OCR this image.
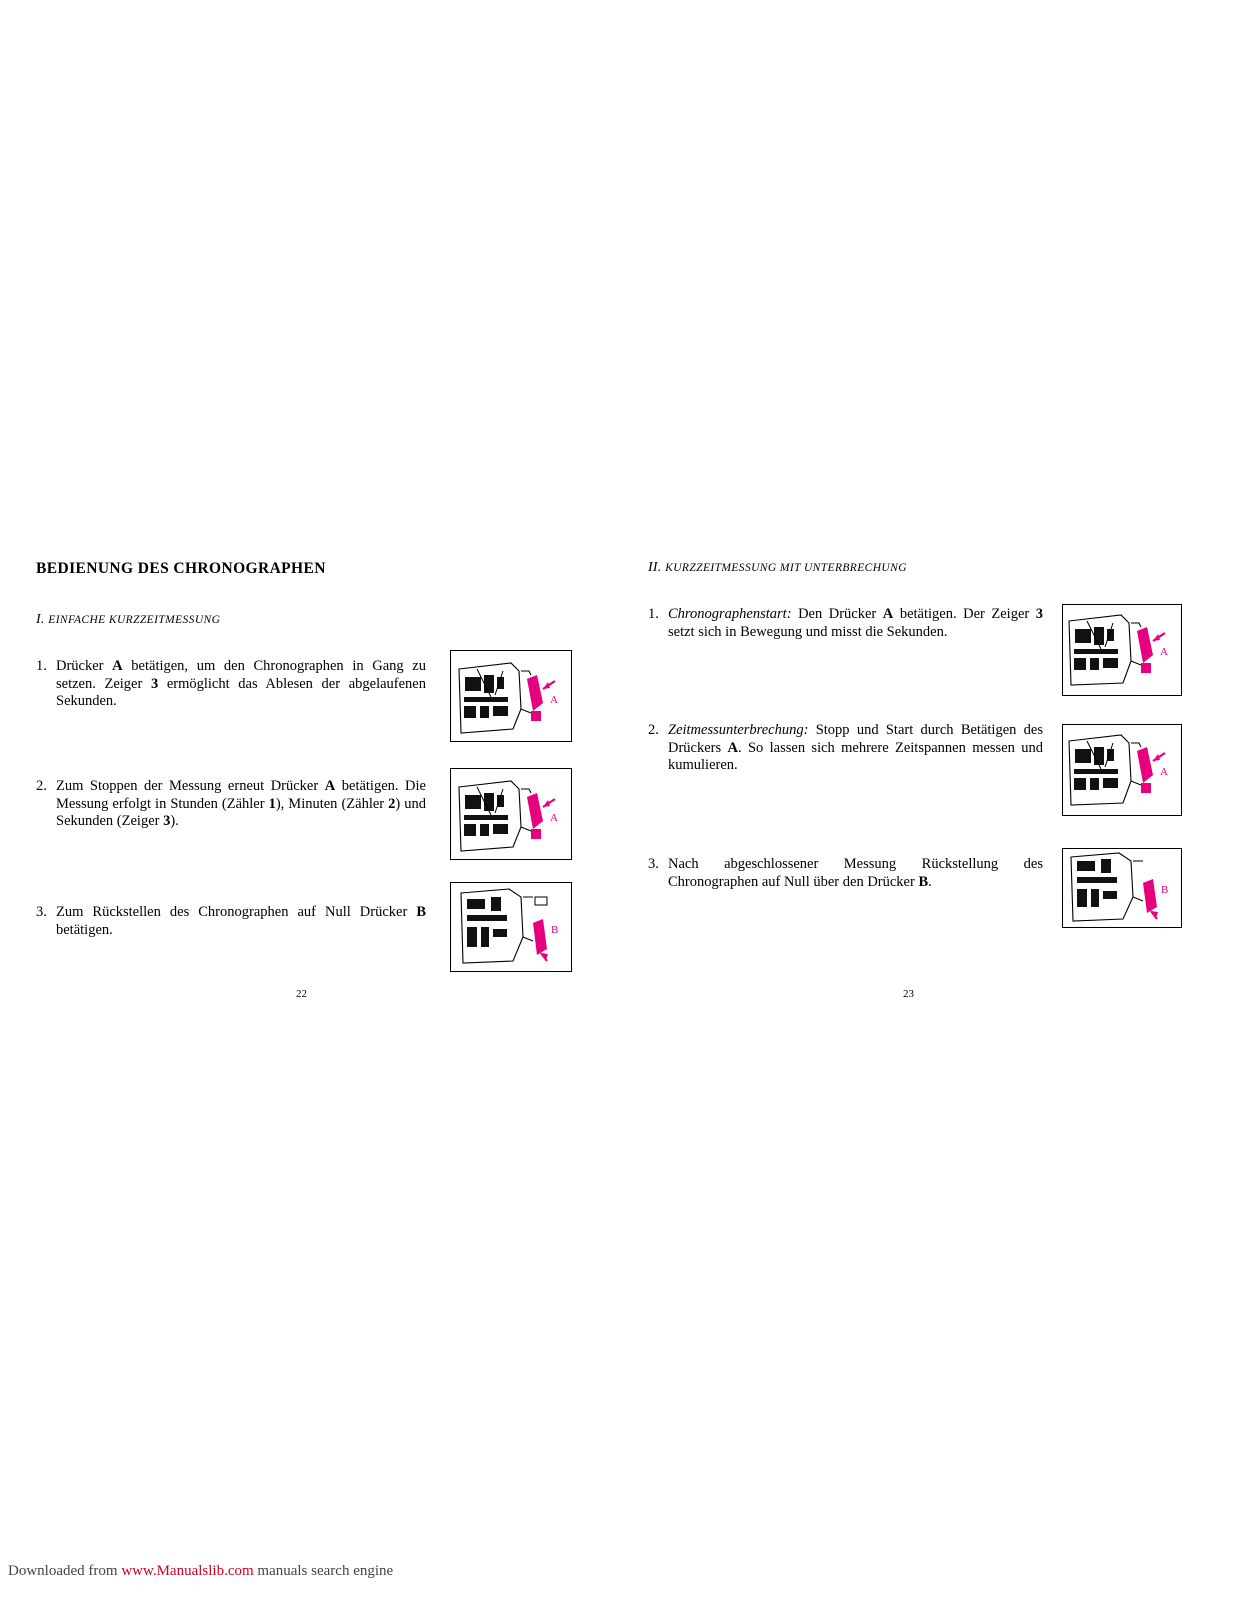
BEDIENUNG DES CHRONOGRAPHEN
I. EINFACHE KURZZEITMESSUNG
1. Drücker A betätigen, um den Chronographen in Gang zu setzen. Zeiger 3 ermöglicht das Ablesen der abgelaufenen Sekunden.
2. Zum Stoppen der Messung erneut Drücker A betätigen. Die Messung erfolgt in Stunden (Zähler 1), Minuten (Zähler 2) und Sekunden (Zeiger 3).
3. Zum Rückstellen des Chronographen auf Null Drücker B betätigen.
A
A
B
22
II. KURZZEITMESSUNG MIT UNTERBRECHUNG
1. Chronographenstart: Den Drücker A betätigen. Der Zeiger 3 setzt sich in Bewegung und misst die Sekunden.
2. Zeitmessunterbrechung: Stopp und Start durch Betätigen des Drückers A. So lassen sich mehrere Zeitspannen messen und kumulieren.
3. Nach abgeschlossener Messung Rückstellung des Chronographen auf Null über den Drücker B.
A
A
B
23
Downloaded from www.Manualslib.com manuals search engine
